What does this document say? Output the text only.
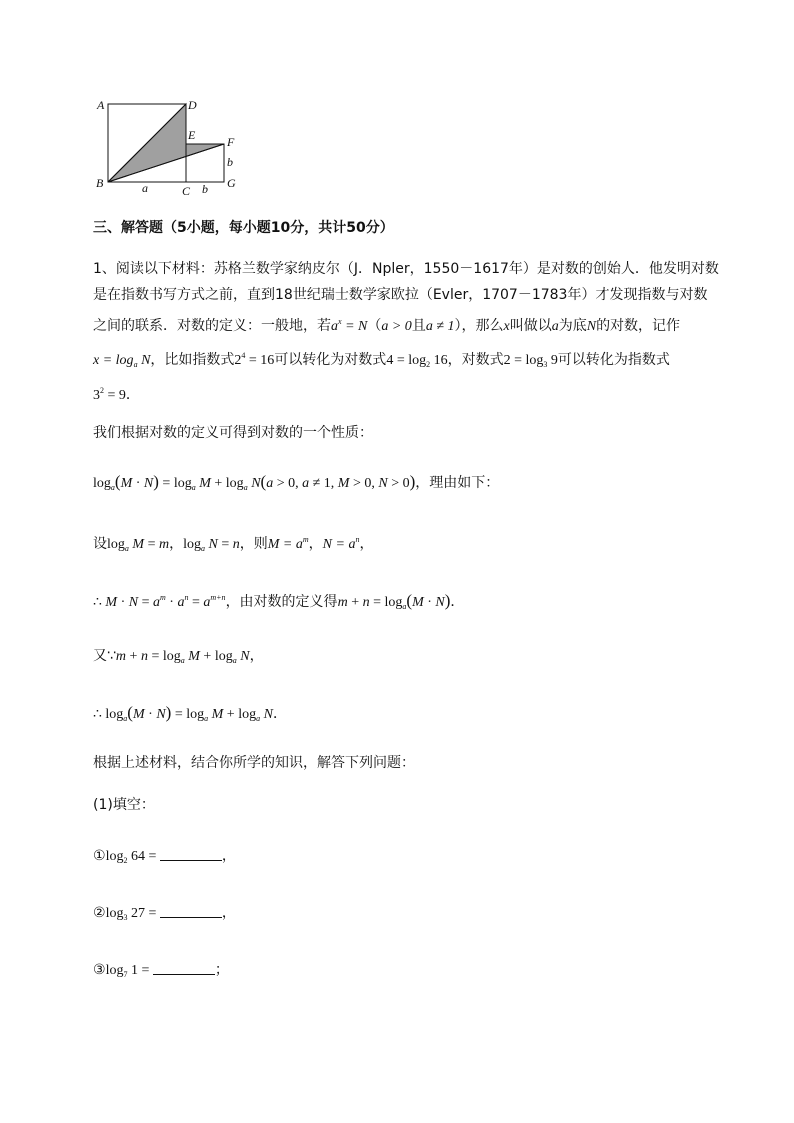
A	D
E	F
B
C
G
a	b
b
三、解答题（5小题，每小题10分，共计50分）
1、阅读以下材料：苏格兰数学家纳皮尔（J．Npler，1550－1617年）是对数的创始人．他发明对数
是在指数书写方式之前，直到18世纪瑞士数学家欧拉（Evler，1707－1783年）才发现指数与对数
之间的联系．对数的定义：一般地，若$a^x = N(a > 0$且a ≠ 1），那么x叫做以a为底N的对数，记作
$x = \log_a N$，比如指数式$2^4 = 16$可以转化为对数式$4 = \log_2 16$，对数式$2 = \log_3 9$可以转化为指数式
$3^2 = 9$．
我们根据对数的定义可得到对数的一个性质：
$\log_a(M \cdot N) = \log_a M + \log_a N(a > 0$, a ≠ 1, M > 0, N > 0)，理由如下：
设$\log_a M = m$，$\log_a N = n$，则$M = a^m$，$N = a^n$，
∴ $M \cdot N = a^m \cdot a^n = a^{m+n}$，由对数的定义得$m + n = \log_a(M \cdot N)$．
又∵m + $n = \log_a M + \log_a N$，
∴ $\log_a(M \cdot N) = \log_a M + \log_a N$．
根据上述材料，结合你所学的知识，解答下列问题：
(1)填空：
$①\log_2$ 64 =	，
$②\log_3$ 27 =	，
$③\log_7$ 1 =	；
